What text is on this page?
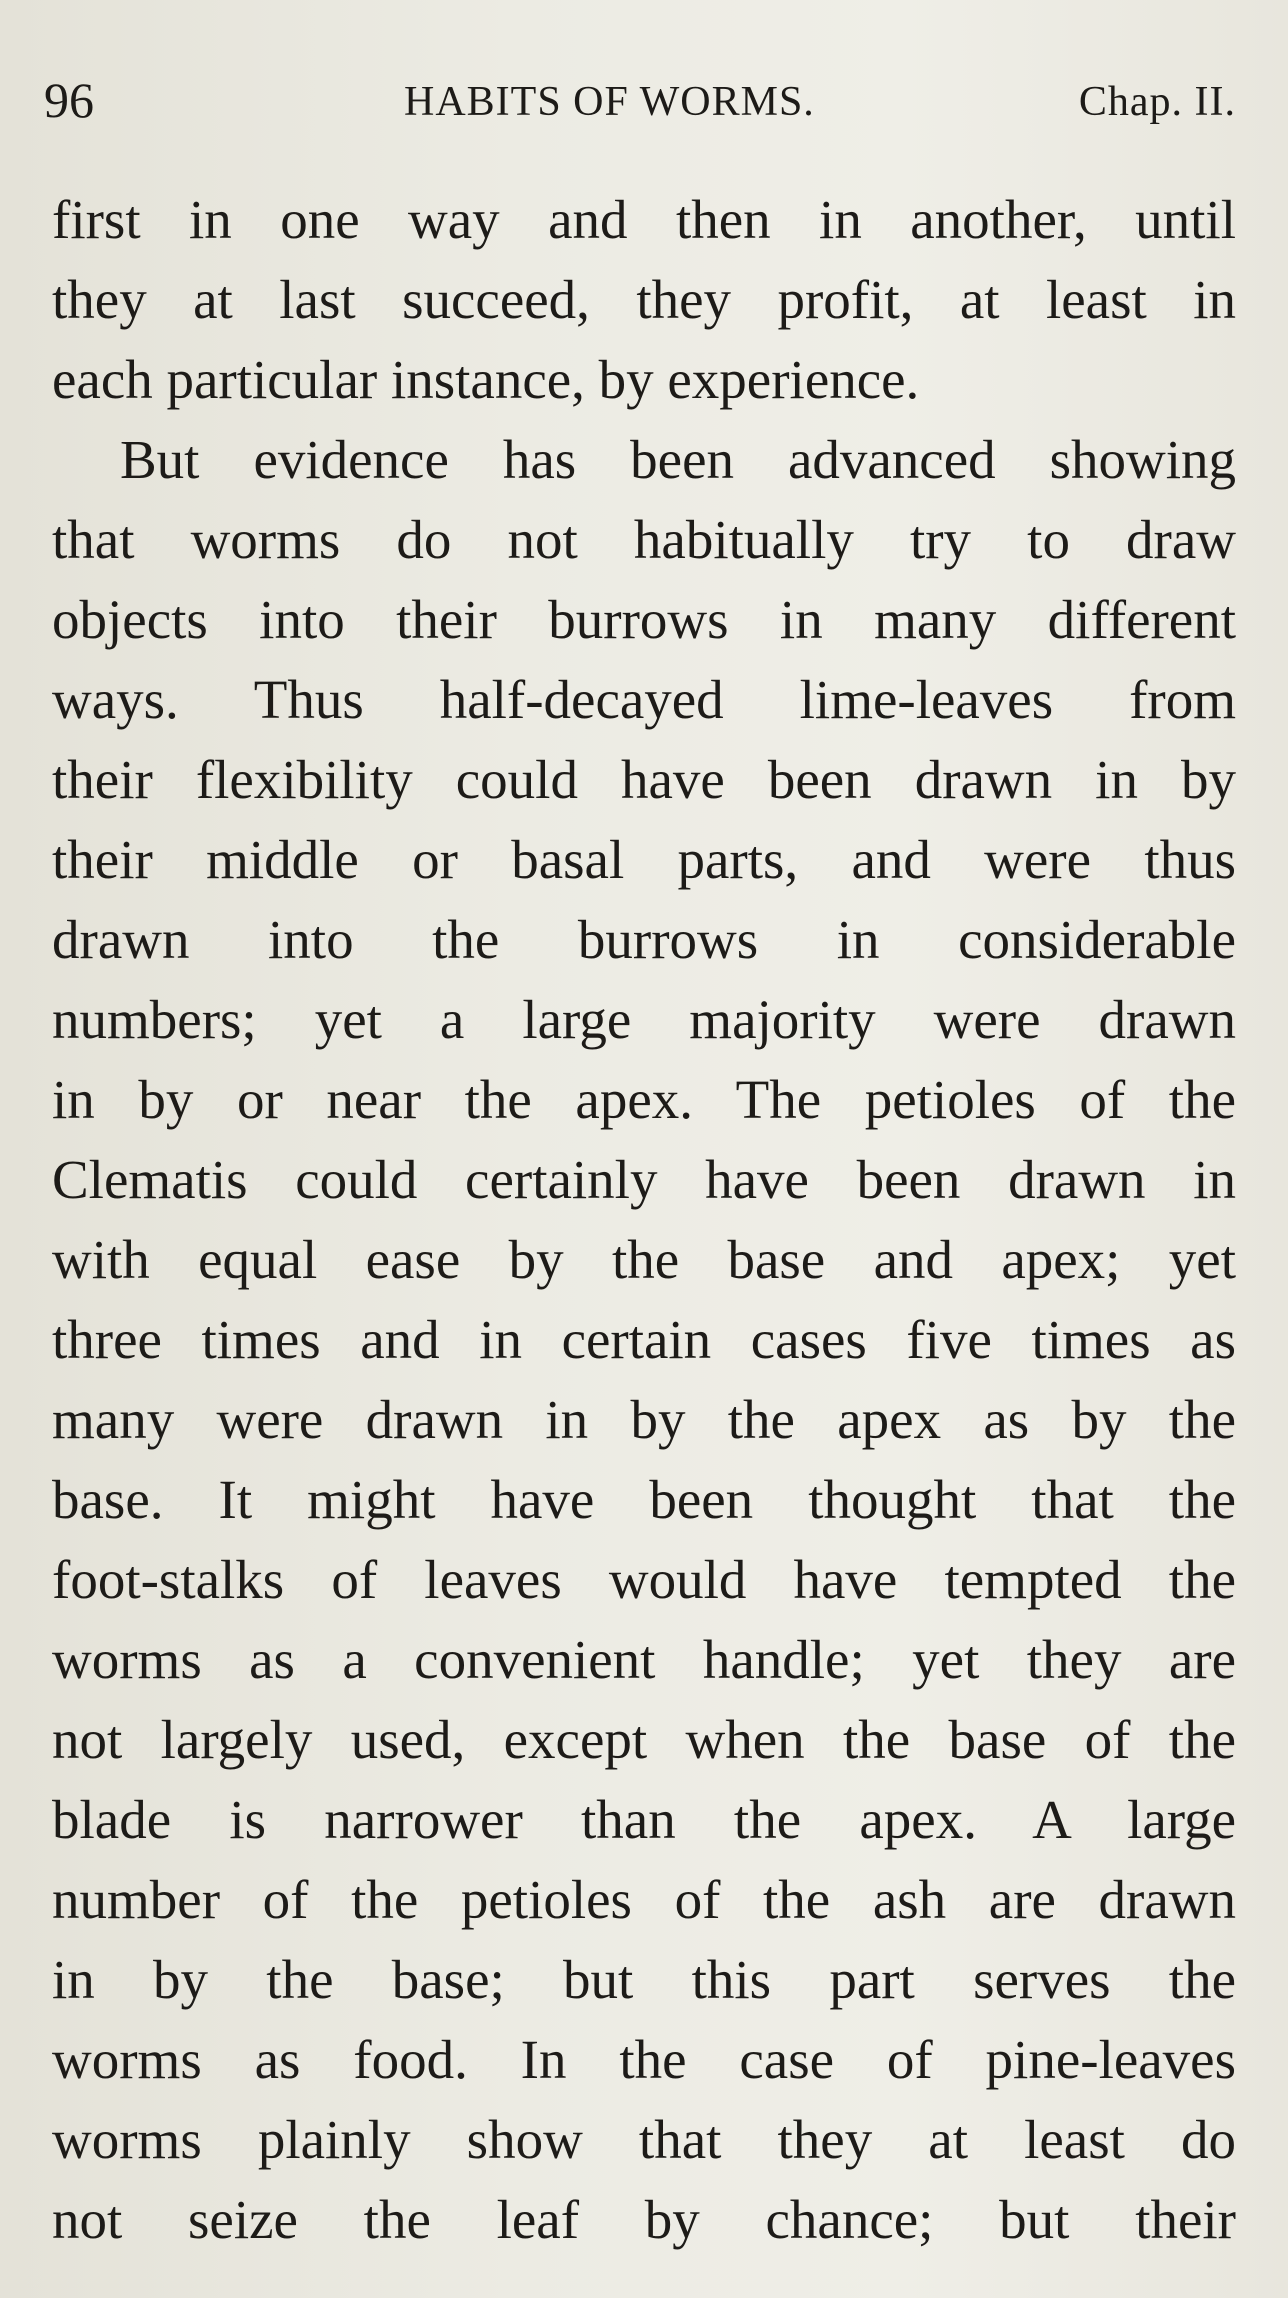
96	HABITS OF WORMS.	Chap. II.
first in one way and then in another, until
they at last succeed, they profit, at least in
each particular instance, by experience.
But evidence has been advanced showing
that worms do not habitually try to draw
objects into their burrows in many different
ways. Thus half-decayed lime-leaves from
their flexibility could have been drawn in by
their middle or basal parts, and were thus
drawn into the burrows in considerable
numbers; yet a large majority were drawn
in by or near the apex. The petioles of the
Clematis could certainly have been drawn in
with equal ease by the base and apex; yet
three times and in certain cases five times as
many were drawn in by the apex as by the
base. It might have been thought that the
foot-stalks of leaves would have tempted the
worms as a convenient handle; yet they are
not largely used, except when the base of the
blade is narrower than the apex. A large
number of the petioles of the ash are drawn
in by the base; but this part serves the
worms as food. In the case of pine-leaves
worms plainly show that they at least do
not seize the leaf by chance; but their
